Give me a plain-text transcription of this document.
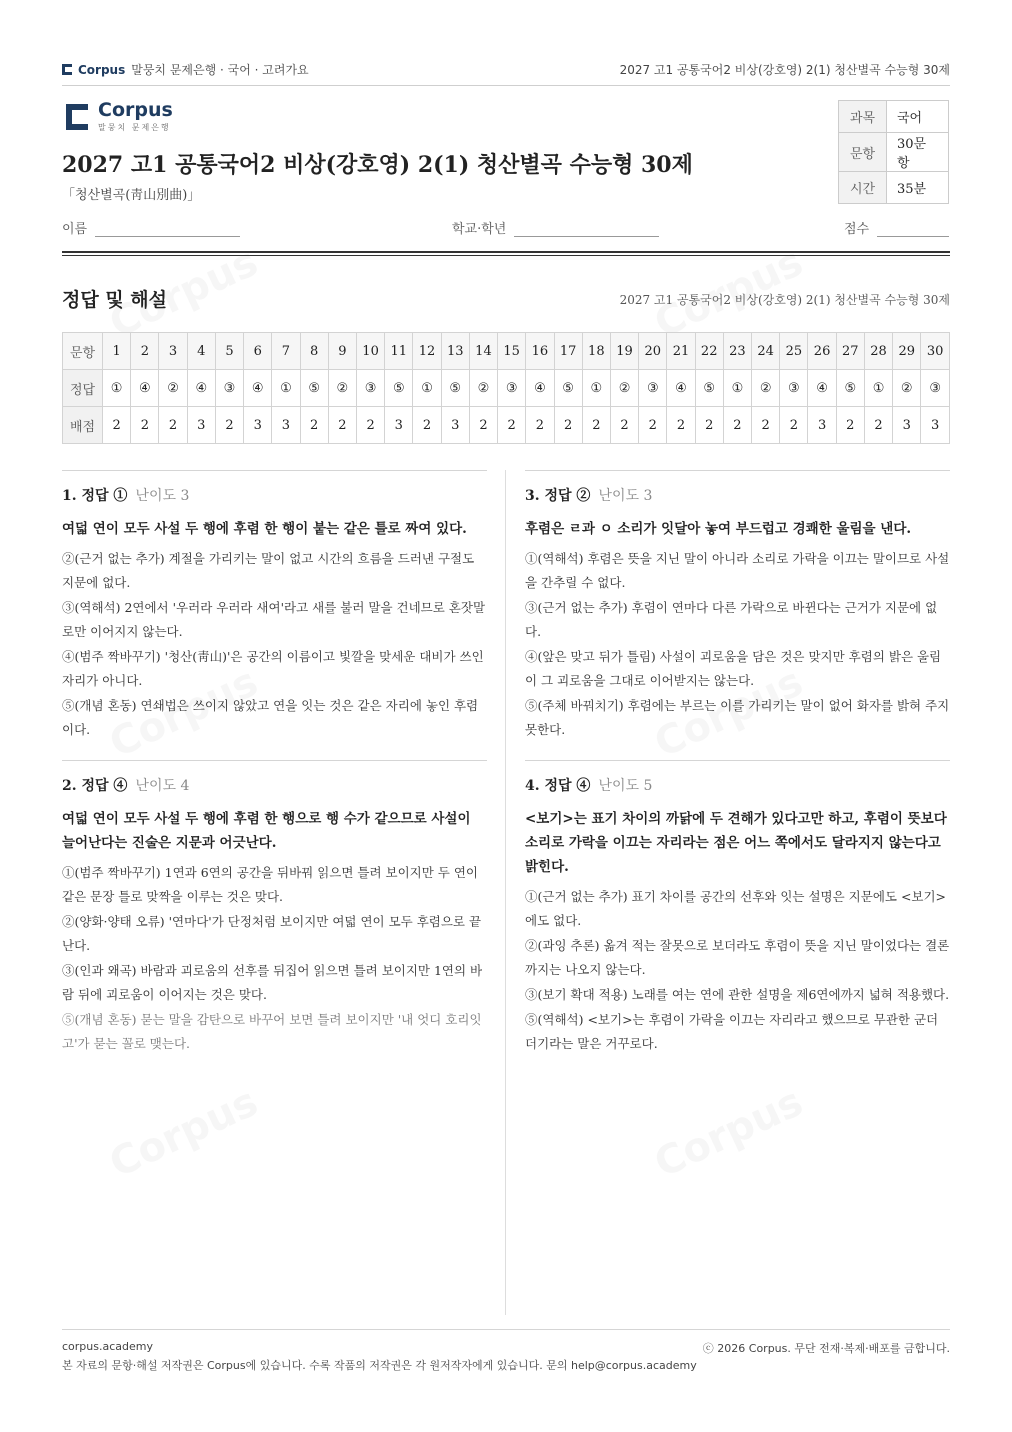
Corpus 말뭉치 문제은행 · 국어 · 고려가요	2027 고1 공통국어2 비상(강호영) 2(1) 청산별곡 수능형 30제
Corpus
말뭉치 문제은행
2027 고1 공통국어2 비상(강호영) 2(1) 청산별곡 수능형 30제
「청산별곡(靑山別曲)」
과목	국어
문항	30문항
시간	35분
이름	학교·학년	점수
정답 및 해설	2027 고1 공통국어2 비상(강호영) 2(1) 청산별곡 수능형 30제
문항	1	2	3	4	5	6	7	8	9	10	11	12	13	14	15	16	17	18	19	20	21	22	23	24	25	26	27	28	29	30
정답	①	④	②	④	③	④	①	⑤	②	③	⑤	①	⑤	②	③	④	⑤	①	②	③	④	⑤	①	②	③	④	⑤	①	②	③
배점	2	2	2	3	2	3	3	2	2	2	3	2	3	2	2	2	2	2	2	2	2	2	2	2	2	3	2	2	3	3
1. 정답 ① 난이도 3
여덟 연이 모두 사설 두 행에 후렴 한 행이 붙는 같은 틀로 짜여 있다.
②(근거 없는 추가) 계절을 가리키는 말이 없고 시간의 흐름을 드러낸 구절도 지문에 없다.
③(역해석) 2연에서 '우러라 우러라 새여'라고 새를 불러 말을 건네므로 혼잣말로만 이어지지 않는다.
④(범주 짝바꾸기) '청산(靑山)'은 공간의 이름이고 빛깔을 맞세운 대비가 쓰인 자리가 아니다.
⑤(개념 혼동) 연쇄법은 쓰이지 않았고 연을 잇는 것은 같은 자리에 놓인 후렴이다.
2. 정답 ④ 난이도 4
여덟 연이 모두 사설 두 행에 후렴 한 행으로 행 수가 같으므로 사설이 늘어난다는 진술은 지문과 어긋난다.
①(범주 짝바꾸기) 1연과 6연의 공간을 뒤바꿔 읽으면 틀려 보이지만 두 연이 같은 문장 틀로 맞짝을 이루는 것은 맞다.
②(양화·양태 오류) '연마다'가 단정처럼 보이지만 여덟 연이 모두 후렴으로 끝난다.
③(인과 왜곡) 바람과 괴로움의 선후를 뒤집어 읽으면 틀려 보이지만 1연의 바람 뒤에 괴로움이 이어지는 것은 맞다.
⑤(개념 혼동) 묻는 말을 감탄으로 바꾸어 보면 틀려 보이지만 '내 엇디 호리잇고'가 묻는 꼴로 맺는다.
3. 정답 ② 난이도 3
후렴은 ㄹ과 ㅇ 소리가 잇달아 놓여 부드럽고 경쾌한 울림을 낸다.
①(역해석) 후렴은 뜻을 지닌 말이 아니라 소리로 가락을 이끄는 말이므로 사설을 간추릴 수 없다.
③(근거 없는 추가) 후렴이 연마다 다른 가락으로 바뀐다는 근거가 지문에 없다.
④(앞은 맞고 뒤가 틀림) 사설이 괴로움을 담은 것은 맞지만 후렴의 밝은 울림이 그 괴로움을 그대로 이어받지는 않는다.
⑤(주체 바꿔치기) 후렴에는 부르는 이를 가리키는 말이 없어 화자를 밝혀 주지 못한다.
4. 정답 ④ 난이도 5
<보기>는 표기 차이의 까닭에 두 견해가 있다고만 하고, 후렴이 뜻보다 소리로 가락을 이끄는 자리라는 점은 어느 쪽에서도 달라지지 않는다고 밝힌다.
①(근거 없는 추가) 표기 차이를 공간의 선후와 잇는 설명은 지문에도 <보기>에도 없다.
②(과잉 추론) 옮겨 적는 잘못으로 보더라도 후렴이 뜻을 지닌 말이었다는 결론까지는 나오지 않는다.
③(보기 확대 적용) 노래를 여는 연에 관한 설명을 제6연에까지 넓혀 적용했다.
⑤(역해석) <보기>는 후렴이 가락을 이끄는 자리라고 했으므로 무관한 군더더기라는 말은 거꾸로다.
corpus.academy	ⓒ 2026 Corpus. 무단 전재·복제·배포를 금합니다.
본 자료의 문항·해설 저작권은 Corpus에 있습니다. 수록 작품의 저작권은 각 원저작자에게 있습니다. 문의 help@corpus.academy
